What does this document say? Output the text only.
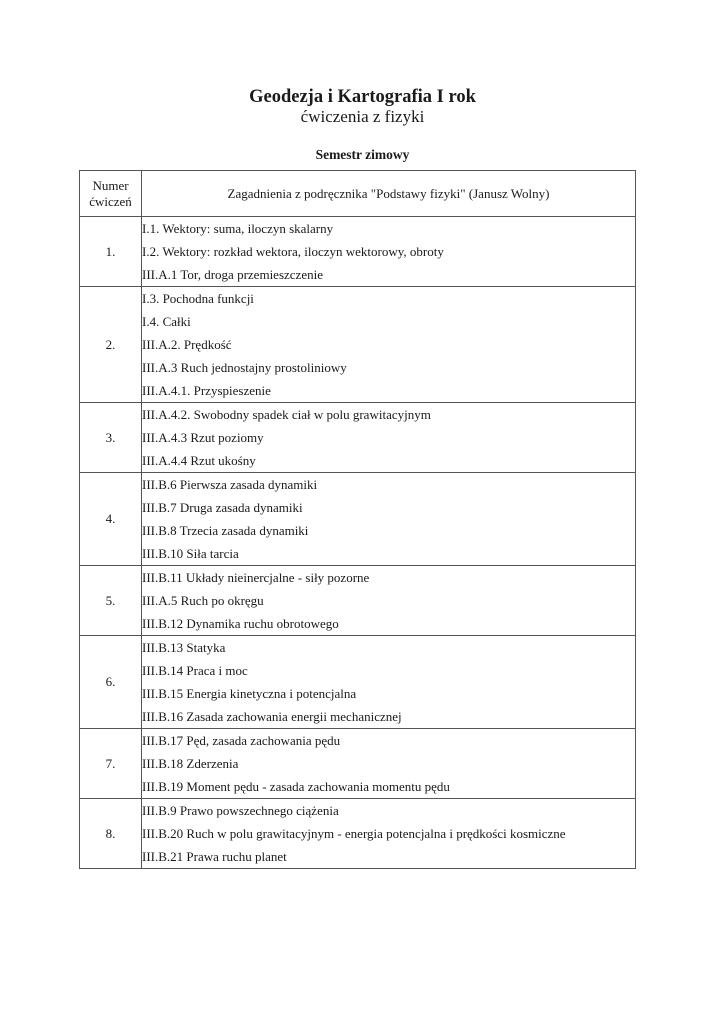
Geodezja i Kartografia I rok
ćwiczenia z fizyki
Semestr zimowy
Numer
ćwiczeń	Zagadnienia z podręcznika "Podstawy fizyki" (Janusz Wolny)
1.	I.1. Wektory: suma, iloczyn skalarny
I.2. Wektory: rozkład wektora, iloczyn wektorowy, obroty
III.A.1 Tor, droga przemieszczenie

2.	I.3. Pochodna funkcji
I.4. Całki
III.A.2. Prędkość
III.A.3 Ruch jednostajny prostoliniowy
III.A.4.1. Przyspieszenie

3.	III.A.4.2. Swobodny spadek ciał w polu grawitacyjnym
III.A.4.3 Rzut poziomy
III.A.4.4 Rzut ukośny

4.	III.B.6 Pierwsza zasada dynamiki
III.B.7 Druga zasada dynamiki
III.B.8 Trzecia zasada dynamiki
III.B.10 Siła tarcia

5.	III.B.11 Układy nieinercjalne - siły pozorne
III.A.5 Ruch po okręgu
III.B.12 Dynamika ruchu obrotowego

6.	III.B.13 Statyka
III.B.14 Praca i moc
III.B.15 Energia kinetyczna i potencjalna
III.B.16 Zasada zachowania energii mechanicznej

7.	III.B.17 Pęd, zasada zachowania pędu
III.B.18 Zderzenia
III.B.19 Moment pędu - zasada zachowania momentu pędu

8.	III.B.9 Prawo powszechnego ciążenia
III.B.20 Ruch w polu grawitacyjnym - energia potencjalna i prędkości kosmiczne
III.B.21 Prawa ruchu planet
